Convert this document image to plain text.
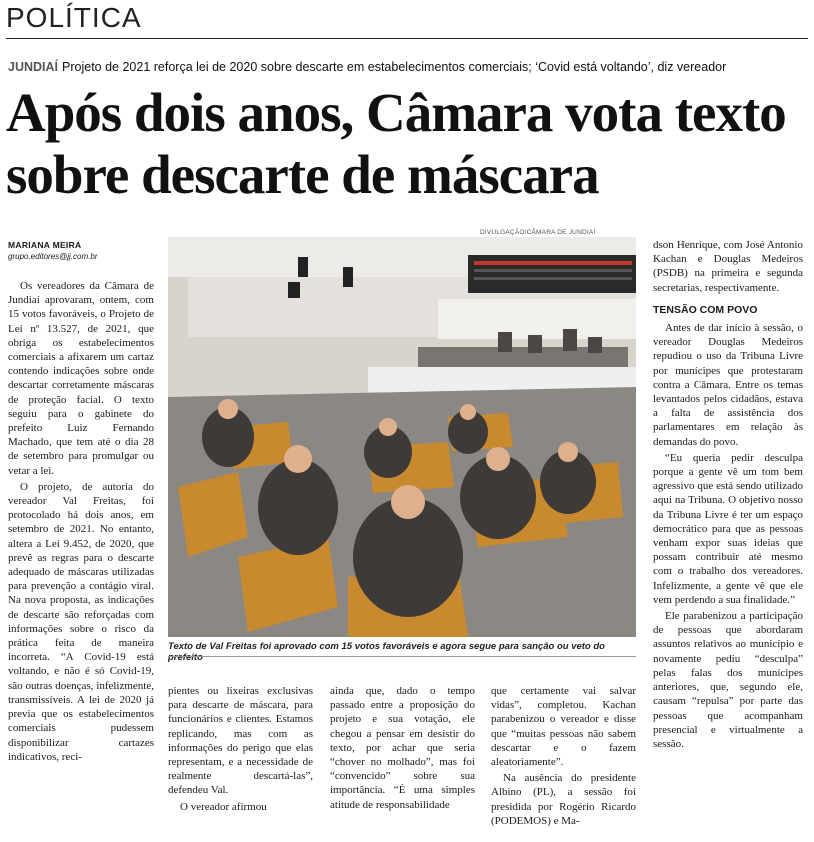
POLÍTICA
JUNDIAÍ Projeto de 2021 reforça lei de 2020 sobre descarte em estabelecimentos comerciais; ‘Covid está voltando’, diz vereador
Após dois anos, Câmara vota texto sobre descarte de máscara
MARIANA MEIRA
grupo.editores@jj.com.br

Os vereadores da Câmara de Jundiaí aprovaram, ontem, com 15 votos favoráveis, o Projeto de Lei nº 13.527, de 2021, que obriga os estabelecimentos comerciais a afixarem um cartaz contendo indicações sobre onde descartar corretamente máscaras de proteção facial. O texto seguiu para o gabinete do prefeito Luiz Fernando Machado, que tem até o dia 28 de setembro para promulgar ou vetar a lei.

O projeto, de autoria do vereador Val Freitas, foi protocolado há dois anos, em setembro de 2021. No entanto, altera a Lei 9.452, de 2020, que prevê as regras para o descarte adequado de máscaras utilizadas para prevenção a contágio viral. Na nova proposta, as indicações de descarte são reforçadas com informações sobre o risco da prática feita de maneira incorreta. “A Covid-19 está voltando, e não é só Covid-19, são outras doenças, infelizmente, transmissíveis. A lei de 2020 já previa que os estabelecimentos comerciais pudessem disponibilizar cartazes indicativos, reci-

DIVULGAÇÃO/CÂMARA DE JUNDIAÍ
Texto de Val Freitas foi aprovado com 15 votos favoráveis e agora segue para sanção ou veto do prefeito

pientes ou lixeiras exclusivas para descarte de máscara, para funcionários e clientes. Estamos replicando, mas com as informações do perigo que elas representam, e a necessidade de realmente descartá-las”, defendeu Val.

O vereador afirmou

ainda que, dado o tempo passado entre a proposição do projeto e sua votação, ele chegou a pensar em desistir do texto, por achar que seria “chover no molhado”, mas foi “convencido” sobre sua importância. “É uma simples atitude de responsabilidade

que certamente vai salvar vidas”, completou. Kachan parabenizou o vereador e disse que “muitas pessoas não sabem descartar e o fazem aleatoriamente”.

Na ausência do presidente Albino (PL), a sessão foi presidida por Rogério Ricardo (PODEMOS) e Ma-

dson Henrique, com José Antonio Kachan e Douglas Medeiros (PSDB) na primeira e segunda secretarias, respectivamente.

TENSÃO COM POVO

Antes de dar início à sessão, o vereador Douglas Medeiros repudiou o uso da Tribuna Livre por munícipes que protestaram contra a Câmara. Entre os temas levantados pelos cidadãos, estava a falta de assistência dos parlamentares em relação às demandas do povo.

“Eu queria pedir desculpa porque a gente vê um tom bem agressivo que está sendo utilizado aqui na Tribuna. O objetivo nosso da Tribuna Livre é ter um espaço democrático para que as pessoas venham expor suas ideias que possam contribuir até mesmo com o trabalho dos vereadores. Infelizmente, a gente vê que ele vem perdendo a sua finalidade.”

Ele parabenizou a participação de pessoas que abordaram assuntos relativos ao município e novamente pediu “desculpa” pelas falas dos munícipes anteriores, que, segundo ele, causam “repulsa” por parte das pessoas que acompanham presencial e virtualmente a sessão.
